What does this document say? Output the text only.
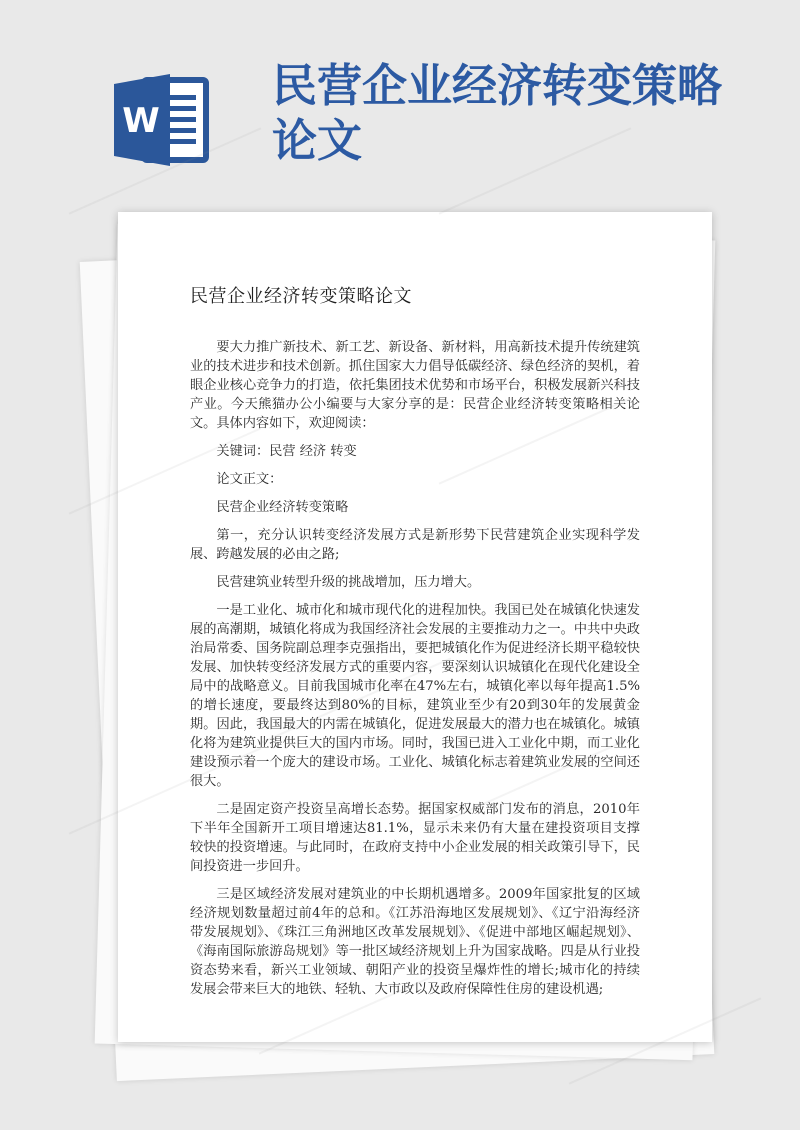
W
民营企业经济转变策略论文
民营企业经济转变策略论文

要大力推广新技术、新工艺、新设备、新材料，用高新技术提升传统建筑业的技术进步和技术创新。抓住国家大力倡导低碳经济、绿色经济的契机，着眼企业核心竞争力的打造，依托集团技术优势和市场平台，积极发展新兴科技产业。今天熊猫办公小编要与大家分享的是：民营企业经济转变策略相关论文。具体内容如下，欢迎阅读：

关键词：民营 经济 转变

论文正文：

民营企业经济转变策略

第一，充分认识转变经济发展方式是新形势下民营建筑企业实现科学发展、跨越发展的必由之路;

民营建筑业转型升级的挑战增加，压力增大。

一是工业化、城市化和城市现代化的进程加快。我国已处在城镇化快速发展的高潮期，城镇化将成为我国经济社会发展的主要推动力之一。中共中央政治局常委、国务院副总理李克强指出，要把城镇化作为促进经济长期平稳较快发展、加快转变经济发展方式的重要内容，要深刻认识城镇化在现代化建设全局中的战略意义。目前我国城市化率在47%左右，城镇化率以每年提高1.5%的增长速度，要最终达到80%的目标，建筑业至少有20到30年的发展黄金期。因此，我国最大的内需在城镇化，促进发展最大的潜力也在城镇化。城镇化将为建筑业提供巨大的国内市场。同时，我国已进入工业化中期，而工业化建设预示着一个庞大的建设市场。工业化、城镇化标志着建筑业发展的空间还很大。

二是固定资产投资呈高增长态势。据国家权威部门发布的消息，2010年下半年全国新开工项目增速达81.1%，显示未来仍有大量在建投资项目支撑较快的投资增速。与此同时，在政府支持中小企业发展的相关政策引导下，民间投资进一步回升。

三是区域经济发展对建筑业的中长期机遇增多。2009年国家批复的区域经济规划数量超过前4年的总和。《江苏沿海地区发展规划》、《辽宁沿海经济带发展规划》、《珠江三角洲地区改革发展规划》、《促进中部地区崛起规划》、《海南国际旅游岛规划》等一批区域经济规划上升为国家战略。四是从行业投资态势来看，新兴工业领域、朝阳产业的投资呈爆炸性的增长;城市化的持续发展会带来巨大的地铁、轻轨、大市政以及政府保障性住房的建设机遇;
